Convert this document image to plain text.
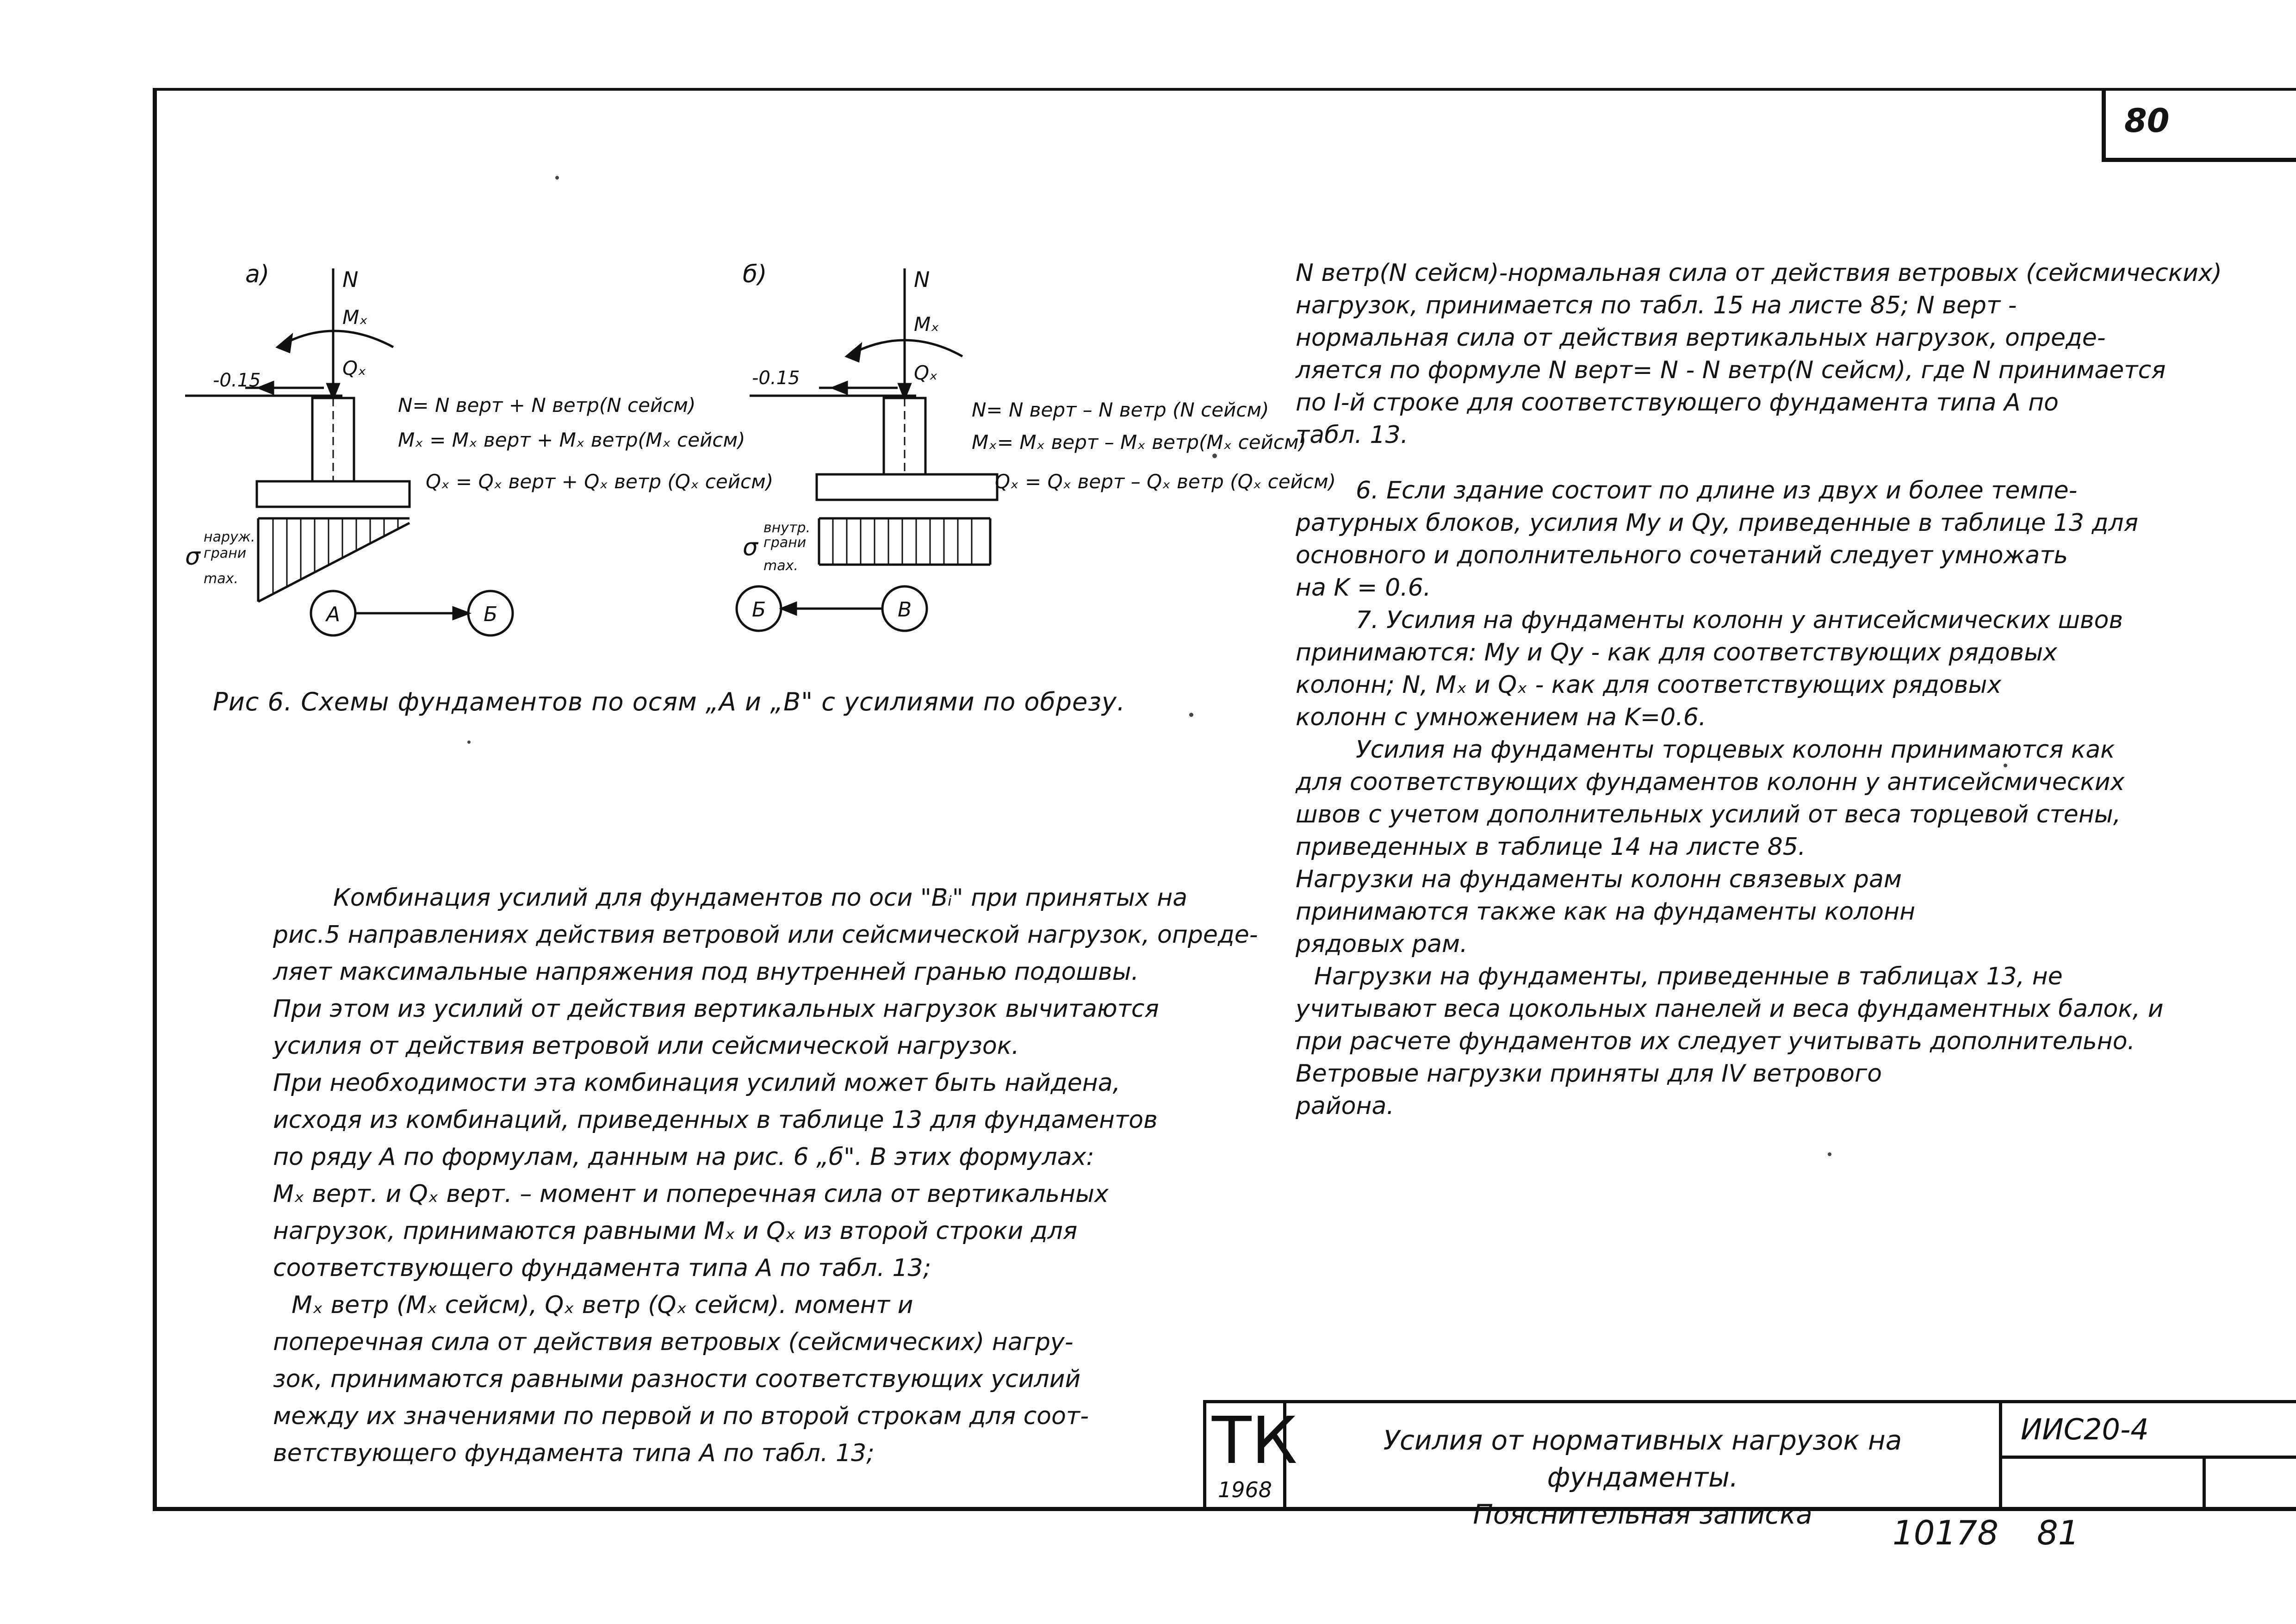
80
а)	N
Mₓ
Qₓ
-0.15
σ
наруж.
грани
max.
А	Б
N= N верт + N ветр(N сейсм)
Mₓ = Mₓ верт + Mₓ ветр(Mₓ сейсм)
Qₓ = Qₓ верт + Qₓ ветр (Qₓ сейсм)
б)	N
Mₓ
Qₓ
-0.15
σ
внутр.
грани
max.
Б	В
N= N верт – N ветр (N сейсм)
Mₓ= Mₓ верт – Mₓ ветр(Mₓ сейсм)
Qₓ = Qₓ верт – Qₓ ветр (Qₓ сейсм)
Рис 6. Схемы фундаментов по осям „А и „В" с усилиями по обрезу.

Комбинация усилий для фундаментов по оси "Вᵢ" при принятых на

рис.5 направлениях действия ветровой или сейсмической нагрузок, опреде-

ляет максимальные напряжения под внутренней гранью подошвы.

При этом из усилий от действия вертикальных нагрузок вычитаются

усилия от действия ветровой или сейсмической нагрузок.

При необходимости эта комбинация усилий может быть найдена,

исходя из комбинаций, приведенных в таблице 13 для фундаментов

по ряду А по формулам, данным на рис. 6 „б". В этих формулах:

Mₓ верт. и Qₓ верт. – момент и поперечная сила от вертикальных

нагрузок, принимаются равными Mₓ и Qₓ из второй строки для

соответствующего фундамента типа А по табл. 13;

Mₓ ветр (Mₓ сейсм), Qₓ ветр (Qₓ сейсм). момент и

поперечная сила от действия ветровых (сейсмических) нагру-

зок, принимаются равными разности соответствующих усилий

между их значениями по первой и по второй строкам для соот-

ветствующего фундамента типа А по табл. 13;

N ветр(N сейсм)-нормальная сила от действия ветровых (сейсмических)

нагрузок, принимается по табл. 15 на листе 85; N верт -

нормальная сила от действия вертикальных нагрузок, опреде-

ляется по формуле N верт= N - N ветр(N сейсм), где N принимается

по I-й строке для соответствующего фундамента типа А по

табл. 13.

6. Если здание состоит по длине из двух и более темпе-

ратурных блоков, усилия My и Qy, приведенные в таблице 13 для

основного и дополнительного сочетаний следует умножать

на K = 0.6.

7. Усилия на фундаменты колонн у антисейсмических швов

принимаются: My и Qy - как для соответствующих рядовых

колонн; N, Mₓ и Qₓ - как для соответствующих рядовых

колонн с умножением на K=0.6.

Усилия на фундаменты торцевых колонн принимаются как

для соответствующих фундаментов колонн у антисейсмических

швов с учетом дополнительных усилий от веса торцевой стены,

приведенных в таблице 14 на листе 85.

Нагрузки на фундаменты колонн связевых рам

принимаются также как на фундаменты колонн

рядовых рам.

Нагрузки на фундаменты, приведенные в таблицах 13, не

учитывают веса цокольных панелей и веса фундаментных балок, и

при расчете фундаментов их следует учитывать дополнительно.

Ветровые нагрузки приняты для IV ветрового

района.

ТК
1968
Усилия от нормативных нагрузок на фундаменты.
Пояснительная записка
ИИС20-4
10178 81
